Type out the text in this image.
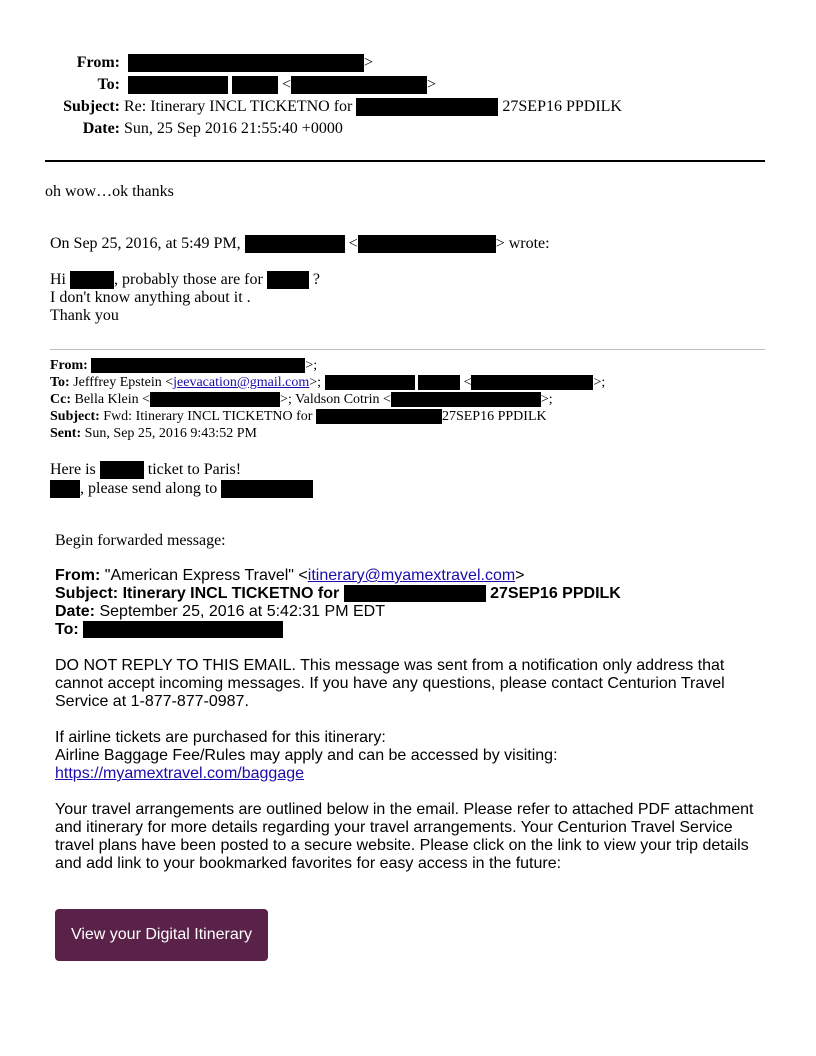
From:	>
To:	<	>
Subject: Re: Itinerary INCL TICKETNO for	27SEP16 PPDILK
Date: Sun, 25 Sep 2016 21:55:40 +0000
oh wow…ok thanks
On Sep 25, 2016, at 5:49 PM,	<	> wrote:
Hi	, probably those are for	?
I don't know anything about it .
Thank you
From:	>;
To: Jefffrey Epstein <jeevacation@gmail.com>;	<	>;
Cc: Bella Klein <	>; Valdson Cotrin <	>;
Subject: Fwd: Itinerary INCL TICKETNO for	27SEP16 PPDILK
Sent: Sun, Sep 25, 2016 9:43:52 PM
Here is	ticket to Paris!
, please send along to
Begin forwarded message:
From: "American Express Travel" <itinerary@myamextravel.com>
Subject: Itinerary INCL TICKETNO for	27SEP16 PPDILK
Date: September 25, 2016 at 5:42:31 PM EDT
To:
DO NOT REPLY TO THIS EMAIL. This message was sent from a notification only address that
cannot accept incoming messages. If you have any questions, please contact Centurion Travel
Service at 1-877-877-0987.
If airline tickets are purchased for this itinerary:
Airline Baggage Fee/Rules may apply and can be accessed by visiting:
https://myamextravel.com/baggage
Your travel arrangements are outlined below in the email. Please refer to attached PDF attachment
and itinerary for more details regarding your travel arrangements. Your Centurion Travel Service
travel plans have been posted to a secure website. Please click on the link to view your trip details
and add link to your bookmarked favorites for easy access in the future:
View your Digital Itinerary
